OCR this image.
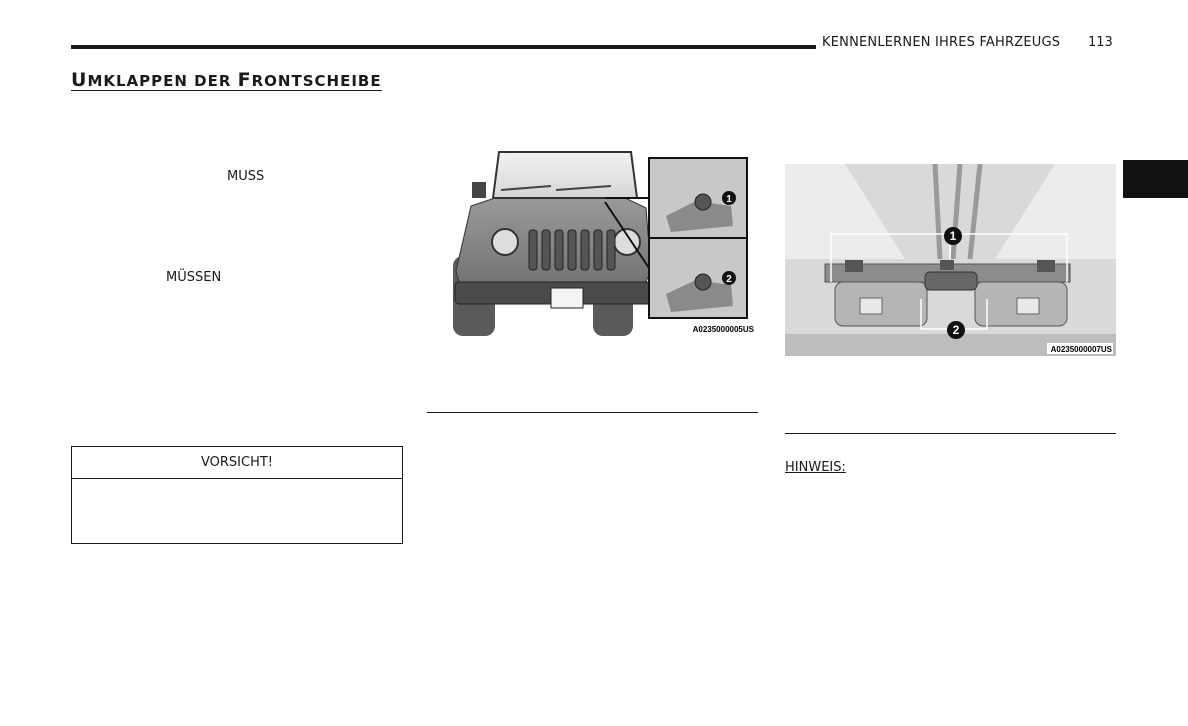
KENNENLERNEN IHRES FAHRZEUGS 113
UMKLAPPEN DER FRONTSCHEIBE
MUSS
MÜSSEN
VORSICHT!
1
2
A0235000005US
1
2
A0235000007US
HINWEIS:
